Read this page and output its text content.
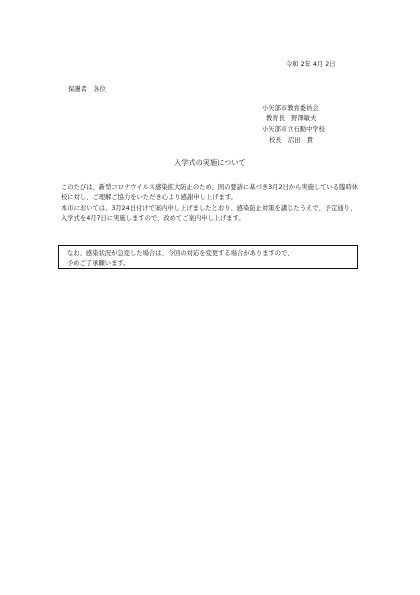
令和 2年 4月 2日
保護者　各位
小矢部市教育委員会
教育長　野澤敏夫
小矢部市立石動中学校
校長　沼田　貴
入学式の実施について

このたびは、新型コロナウイルス感染拡大防止のため、国の要請に基づき3月2日から実施している臨時休校に対し、ご理解ご協力をいただき心より感謝申し上げます。

本市においては、3月24日付けで案内申し上げましたとおり、感染防止対策を講じたうえで、予定通り、入学式を4月7日に実施しますので、改めてご案内申し上げます。

なお、感染状況が急変した場合は、今回の対応を変更する場合がありますので、

予めご了承願います。
